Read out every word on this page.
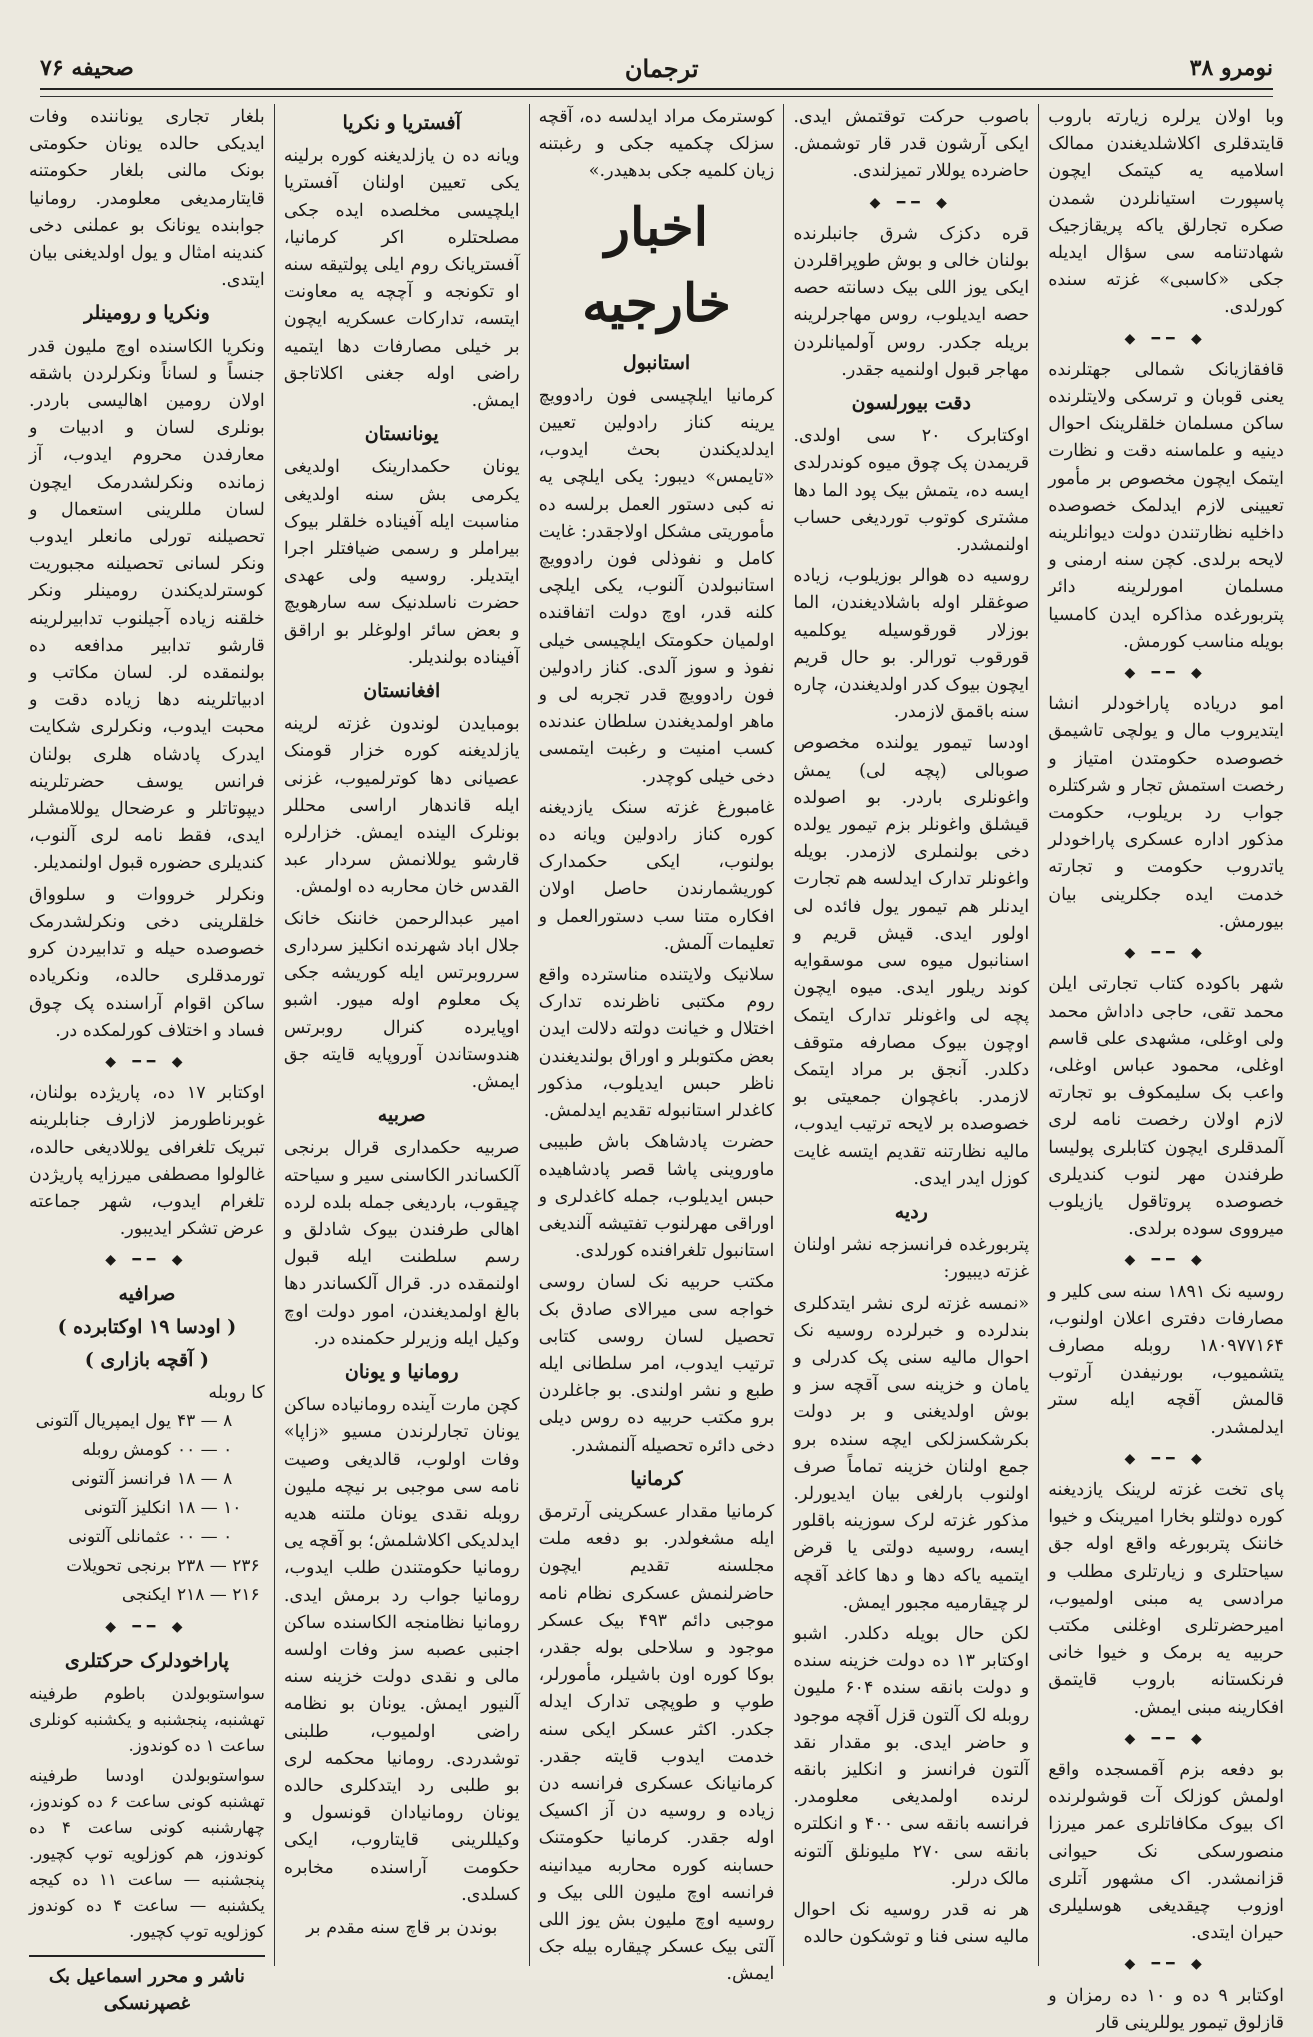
نومرو ۳۸
ترجمان
صحیفه ۷۶

وبا اولان یرلره زیارته باروب قایتدقلری اکلاشلدیغندن ممالک اسلامیه یه کیتمک ایچون پاسپورت استیانلردن شمدن صکره تجارلق یاکه پریقازجیک شهادتنامه سی سؤال ایدیله جکی «کاسبی» غزته سنده کورلدی.

◆ ━━ ◆

قافقازیانک شمالی جهتلرنده یعنی قوبان و ترسکی ولایتلرنده ساکن مسلمان خلقلرینک احوال دینیه و علماسنه دقت و نظارت ایتمک ایچون مخصوص بر مأمور تعیینی لازم ایدلمک خصوصده داخلیه نظارتندن دولت دیوانلرینه لایحه برلدی. کچن سنه ارمنی و مسلمان امورلرینه دائر پتربورغده مذاکره ایدن کامسیا بویله مناسب کورمش.

◆ ━━ ◆

امو دریاده پاراخودلر انشا ایتدیروب مال و یولچی تاشیمق خصوصده حکومتدن امتیاز و رخصت استمش تجار و شرکتلره جواب رد بریلوب، حکومت مذکور اداره عسکری پاراخودلر یاتدروب حکومت و تجارته خدمت ایده جکلرینی بیان بیورمش.

◆ ━━ ◆

شهر باکوده کتاب تجارتی ایلن محمد تقی، حاجی داداش محمد ولی اوغلی، مشهدی علی قاسم اوغلی، محمود عباس اوغلی، واعب بک سلیمکوف بو تجارته لازم اولان رخصت نامه لری آلمدقلری ایچون کتابلری پولیسا طرفندن مهر لنوب کندیلری خصوصده پروتاقول یازیلوب میرووی سوده برلدی.

◆ ━━ ◆

روسیه نک ۱۸۹۱ سنه سی کلیر و مصارفات دفتری اعلان اولنوب، ۱۸۰۹۷۷۱۶۴ روبله مصارف یتشمیوب، بورنیفدن آرتوب قالمش آقچه ایله ستر ایدلمشدر.

◆ ━━ ◆

پای تخت غزته لرینک یازدیغنه کوره دولتلو بخارا امیرینک و خیوا خاننک پتربورغه واقع اوله جق سیاحتلری و زیارتلری مطلب و مرادسی یه مبنی اولمیوب، امیرحضرتلری اوغلنی مکتب حربیه یه برمک و خیوا خانی فرنکستانه باروب قایتمق افکارینه مبنی ایمش.

◆ ━━ ◆

بو دفعه بزم آقمسجده واقع اولمش کوزلک آت قوشولرنده اک بیوک مکافاتلری عمر میرزا منصورسکی نک حیوانی قزانمشدر. اک مشهور آتلری اوزوب چیقدیغی هوسلیلری حیران ایتدی.

◆ ━━ ◆

اوکتابر ۹ ده و ۱۰ ده رمزان و قازلوق تیمور یوللرینی قار

باصوب حرکت توقتمش ایدی. ایکی آرشون قدر قار توشمش. حاضرده یوللار تمیزلندی.

◆ ━━ ◆

قره دکزک شرق جانبلرنده بولنان خالی و بوش طوپراقلردن ایکی یوز اللی بیک دسانته حصه حصه ایدیلوب، روس مهاجرلرینه بریله جکدر. روس آولمیانلردن مهاجر قبول اولنمیه جقدر.

دقت بیورلسون

اوکتابرک ۲۰ سی اولدی. قریمدن پک چوق میوه کوندرلدی ایسه ده، یتمش بیک پود الما دها مشتری کوتوب توردیغی حساب اولنمشدر.

روسیه ده هوالر بوزیلوب، زیاده صوغقلر اوله باشلادیغندن، الما بوزلار قورقوسیله یوکلمیه قورقوب تورالر. بو حال قریم ایچون بیوک کدر اولدیغندن، چاره سنه باقمق لازمدر.

اودسا تیمور یولنده مخصوص صوبالی (پچه لی) یمش واغونلری باردر. بو اصولده قیشلق واغونلر بزم تیمور یولده دخی بولنملری لازمدر. بویله واغونلر تدارک ایدلسه هم تجارت ایدنلر هم تیمور یول فائده لی اولور ایدی. قیش قریم و اسنانبول میوه سی موسقوایه کوند ریلور ایدی. میوه ایچون پچه لی واغونلر تدارک ایتمک اوچون بیوک مصارفه متوقف دکلدر. آنجق بر مراد ایتمک لازمدر. باغچوان جمعیتی بو خصوصده بر لایحه ترتیب ایدوب، مالیه نظارتنه تقدیم ایتسه غایت کوزل ایدر ایدی.

ردیه

پتربورغده فرانسزجه نشر اولنان غزته دیبیور:

«نمسه غزته لری نشر ایتدکلری بندلرده و خبرلرده روسیه نک احوال مالیه سنی پک کدرلی و یامان و خزینه سی آقچه سز و بوش اولدیغنی و بر دولت بکرشکسزلکی ایچه سنده برو جمع اولنان خزینه تماماً صرف اولنوب بارلغی بیان ایدیورلر. مذکور غزته لرک سوزینه باقلور ایسه، روسیه دولتی یا قرض ایتمیه یاکه دها و دها کاغد آقچه لر چیقارمیه مجبور ایمش.

لکن حال بویله دکلدر. اشبو اوکتابر ۱۳ ده دولت خزینه سنده و دولت بانقه سنده ۶۰۴ ملیون روبله لک آلتون قزل آقچه موجود و حاضر ایدی. بو مقدار نقد آلتون فرانسز و انکلیز بانقه لرنده اولمدیغی معلومدر. فرانسه بانقه سی ۴۰۰ و انکلتره بانقه سی ۲۷۰ ملیونلق آلتونه مالک درلر.

هر نه قدر روسیه نک احوال مالیه سنی فنا و توشکون حالده

کوسترمک مراد ایدلسه ده، آقچه سزلک چکمیه جکی و رغبتنه زیان کلمیه جکی بدهیدر.»

اخبار خارجیه
استانبول

کرمانیا ایلچیسی فون رادوویچ یرینه کناز رادولین تعیین ایدلدیکندن بحث ایدوب، «تایمس» دیبور: یکی ایلچی یه نه کبی دستور العمل برلسه ده مأموریتی مشکل اولاجقدر: غایت کامل و نفوذلی فون رادوویچ استانبولدن آلنوب، یکی ایلچی کلنه قدر، اوچ دولت اتفاقنده اولمیان حکومتک ایلچیسی خیلی نفوذ و سوز آلدی. کناز رادولین فون رادوویچ قدر تجربه لی و ماهر اولمدیغندن سلطان عندنده کسب امنیت و رغبت ایتمسی دخی خیلی کوچدر.

غامبورغ غزته سنک یازدیغنه کوره کناز رادولین ویانه ده بولنوب، ایکی حکمدارک کوریشمارندن حاصل اولان افکاره متنا سب دستورالعمل و تعلیمات آلمش.

سلانیک ولایتنده مناسترده واقع روم مکتبی ناظرنده تدارک اختلال و خیانت دولته دلالت ایدن بعض مکتوبلر و اوراق بولندیغندن ناظر حبس ایدیلوب، مذکور کاغدلر استانبوله تقدیم ایدلمش.

حضرت پادشاهک باش طبیبی ماوروینی پاشا قصر پادشاهیده حبس ایدیلوب، جمله کاغدلری و اوراقی مهرلنوب تفتیشه آلندیغی استانبول تلغرافنده کورلدی.

مکتب حربیه نک لسان روسی خواجه سی میرالای صادق بک تحصیل لسان روسی کتابی ترتیب ایدوب، امر سلطانی ایله طبع و نشر اولندی. بو جاغلردن برو مکتب حربیه ده روس دیلی دخی دائره تحصیله آلنمشدر.

کرمانیا

کرمانیا مقدار عسکرینی آرترمق ایله مشغولدر. بو دفعه ملت مجلسنه تقدیم ایچون حاضرلنمش عسکری نظام نامه موجبی دائم ۴۹۳ بیک عسکر موجود و سلاحلی بوله جقدر، بوکا کوره اون باشیلر، مأمورلر، طوپ و طوپچی تدارک ایدله جکدر. اکثر عسکر ایکی سنه خدمت ایدوب قایته جقدر. کرمانیانک عسکری فرانسه دن زیاده و روسیه دن آز اکسیک اوله جقدر. کرمانیا حکومتنک حسابنه کوره محاربه میدانینه فرانسه اوچ ملیون اللی بیک و روسیه اوچ ملیون بش یوز اللی آلتی بیک عسکر چیقاره بیله جک ایمش.

آفستریا و نکریا

ویانه ده ن یازلدیغنه کوره برلینه یکی تعیین اولنان آفستریا ایلچیسی مخلصده ایده جکی مصلحتلره اکر کرمانیا، آفستریانک روم ایلی پولتیقه سنه او تکونجه و آچچه یه معاونت ایتسه، تدارکات عسکریه ایچون بر خیلی مصارفات دها ایتمیه راضی اوله جغنی اکلاتاجق ایمش.

یونانستان

یونان حکمدارینک اولدیغی یکرمی بش سنه اولدیغی مناسبت ایله آفیناده خلقلر بیوک بیراملر و رسمی ضیافتلر اجرا ایتدیلر. روسیه ولی عهدی حضرت ناسلدنیک سه سارهویچ و بعض سائر اولوغلر بو اراقق آفیناده بولندیلر.

افغانستان

بومبایدن لوندون غزته لرینه یازلدیغنه کوره خزار قومنک عصیانی دها کوترلمیوب، غزنی ایله قاندهار اراسی محللر بونلرک الینده ایمش. خزارلره قارشو یوللانمش سردار عبد القدس خان محاربه ده اولمش.

امیر عبدالرحمن خاننک خانک جلال اباد شهرنده انکلیز سرداری سرروبرتس ایله کوریشه جکی پک معلوم اوله میور. اشبو اوپایرده کنرال روبرتس هندوستاندن آوروپایه قایته جق ایمش.

صربیه

صربیه حکمداری قرال برنجی آلکساندر الکاسنی سیر و سیاحته چیقوب، باردیغی جمله بلده لرده اهالی طرفندن بیوک شادلق و رسم سلطنت ایله قبول اولنمقده در. قرال آلکساندر دها بالغ اولمدیغندن، امور دولت اوچ وکیل ایله وزیرلر حکمنده در.

رومانیا و یونان

کچن مارت آینده رومانیاده ساکن یونان تجارلرندن مسیو «زاپا» وفات اولوب، قالدیغی وصیت نامه سی موجبی بر نیچه ملیون روبله نقدی یونان ملتنه هدیه ایدلدیکی اکلاشلمش؛ بو آقچه یی رومانیا حکومتندن طلب ایدوب، رومانیا جواب رد برمش ایدی. رومانیا نظامنجه الکاسنده ساکن اجنبی عصبه سز وفات اولسه مالی و نقدی دولت خزینه سنه آلنیور ایمش. یونان بو نظامه راضی اولمیوب، طلبنی توشدردی. رومانیا محکمه لری بو طلبی رد ایتدکلری حالده یونان رومانیادان قونسول و وکیللرینی قایتاروب، ایکی حکومت آراسنده مخابره کسلدی.

بوندن بر قاچ سنه مقدم بر

بلغار تجاری یوناننده وفات ایدیکی حالده یونان حکومتی بونک مالنی بلغار حکومتنه قایتارمدیغی معلومدر. رومانیا جوابنده یونانک بو عملنی دخی کندینه امثال و یول اولدیغنی بیان ایتدی.

ونکریا و رومینلر

ونکریا الکاسنده اوچ ملیون قدر جنساً و لساناً ونکرلردن باشقه اولان رومین اهالیسی باردر. بونلری لسان و ادبیات و معارفدن محروم ایدوب، آز زمانده ونکرلشدرمک ایچون لسان مللرینی استعمال و تحصیلنه تورلی مانعلر ایدوب ونکر لسانی تحصیلنه مجبوریت کوسترلدیکندن رومینلر ونکر خلقنه زیاده آجیلنوب تدابیرلرینه قارشو تدابیر مدافعه ده بولنمقده لر. لسان مکاتب و ادبیاتلرینه دها زیاده دقت و محبت ایدوب، ونکرلری شکایت ایدرک پادشاه هلری بولنان فرانس یوسف حضرتلرینه دیپوتاتلر و عرضحال یوللامشلر ایدی، فقط نامه لری آلنوب، کندیلری حضوره قبول اولنمدیلر.

ونکرلر خرووات و سلوواق خلقلرینی دخی ونکرلشدرمک خصوصده حیله و تدابیردن کرو تورمدقلری حالده، ونکریاده ساکن اقوام آراسنده پک چوق فساد و اختلاف کورلمکده در.

◆ ━━ ◆

اوکتابر ۱۷ ده، پاریژده بولنان، غوبرناطورمز لازارف جنابلرینه تبریک تلغرافی یوللادیغی حالده، غالولوا مصطفی میرزایه پاریژدن تلغرام ایدوب، شهر جماعته عرض تشکر ایدیبور.

◆ ━━ ◆
صرافیه
( اودسا ۱۹ اوکتابرده )
( آقچه بازاری )
کا روبله
۴۳ — ۸	یول ایمپریال آلتونی
۰۰ — ۰	کومش روبله
۱۸ — ۸	فرانسز آلتونی
۱۸ — ۱۰	انکلیز آلتونی
۰۰ — ۰	عثمانلی آلتونی
۲۳۸ — ۲۳۶	برنجی تحویلات
۲۱۸ — ۲۱۶	ایکنجی
◆ ━━ ◆
پاراخودلرک حرکتلری

سواستوبولدن باطوم طرفینه تهشنبه، پنجشنبه و یکشنبه کونلری ساعت ۱ ده کوندوز.

سواستوبولدن اودسا طرفینه تهشنبه کونی ساعت ۶ ده کوندوز، چهارشنبه کونی ساعت ۴ ده کوندوز، هم کوزلویه توپ کچیور. پنجشنبه — ساعت ۱۱ ده کیجه یکشنبه — ساعت ۴ ده کوندوز کوزلویه توپ کچیور.

ناشر و محرر اسماعیل بک غصپرنسکی
